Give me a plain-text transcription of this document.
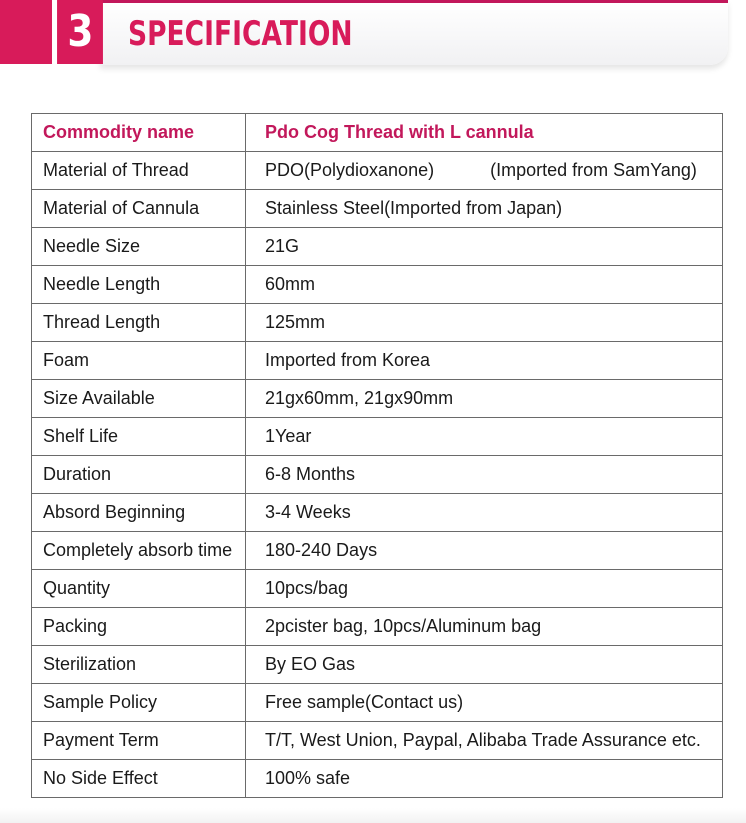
3	SPECIFICATION
Commodity name	Pdo Cog Thread with L cannula
Material of Thread	PDO(Polydioxanone) (Imported from SamYang)
Material of Cannula	Stainless Steel(Imported from Japan)
Needle Size	21G
Needle Length	60mm
Thread Length	125mm
Foam	Imported from Korea
Size Available	21gx60mm, 21gx90mm
Shelf Life	1Year
Duration	6-8 Months
Absord Beginning	3-4 Weeks
Completely absorb time	180-240 Days
Quantity	10pcs/bag
Packing	2pcister bag, 10pcs/Aluminum bag
Sterilization	By EO Gas
Sample Policy	Free sample(Contact us)
Payment Term	T/T, West Union, Paypal, Alibaba Trade Assurance etc.
No Side Effect	100% safe
